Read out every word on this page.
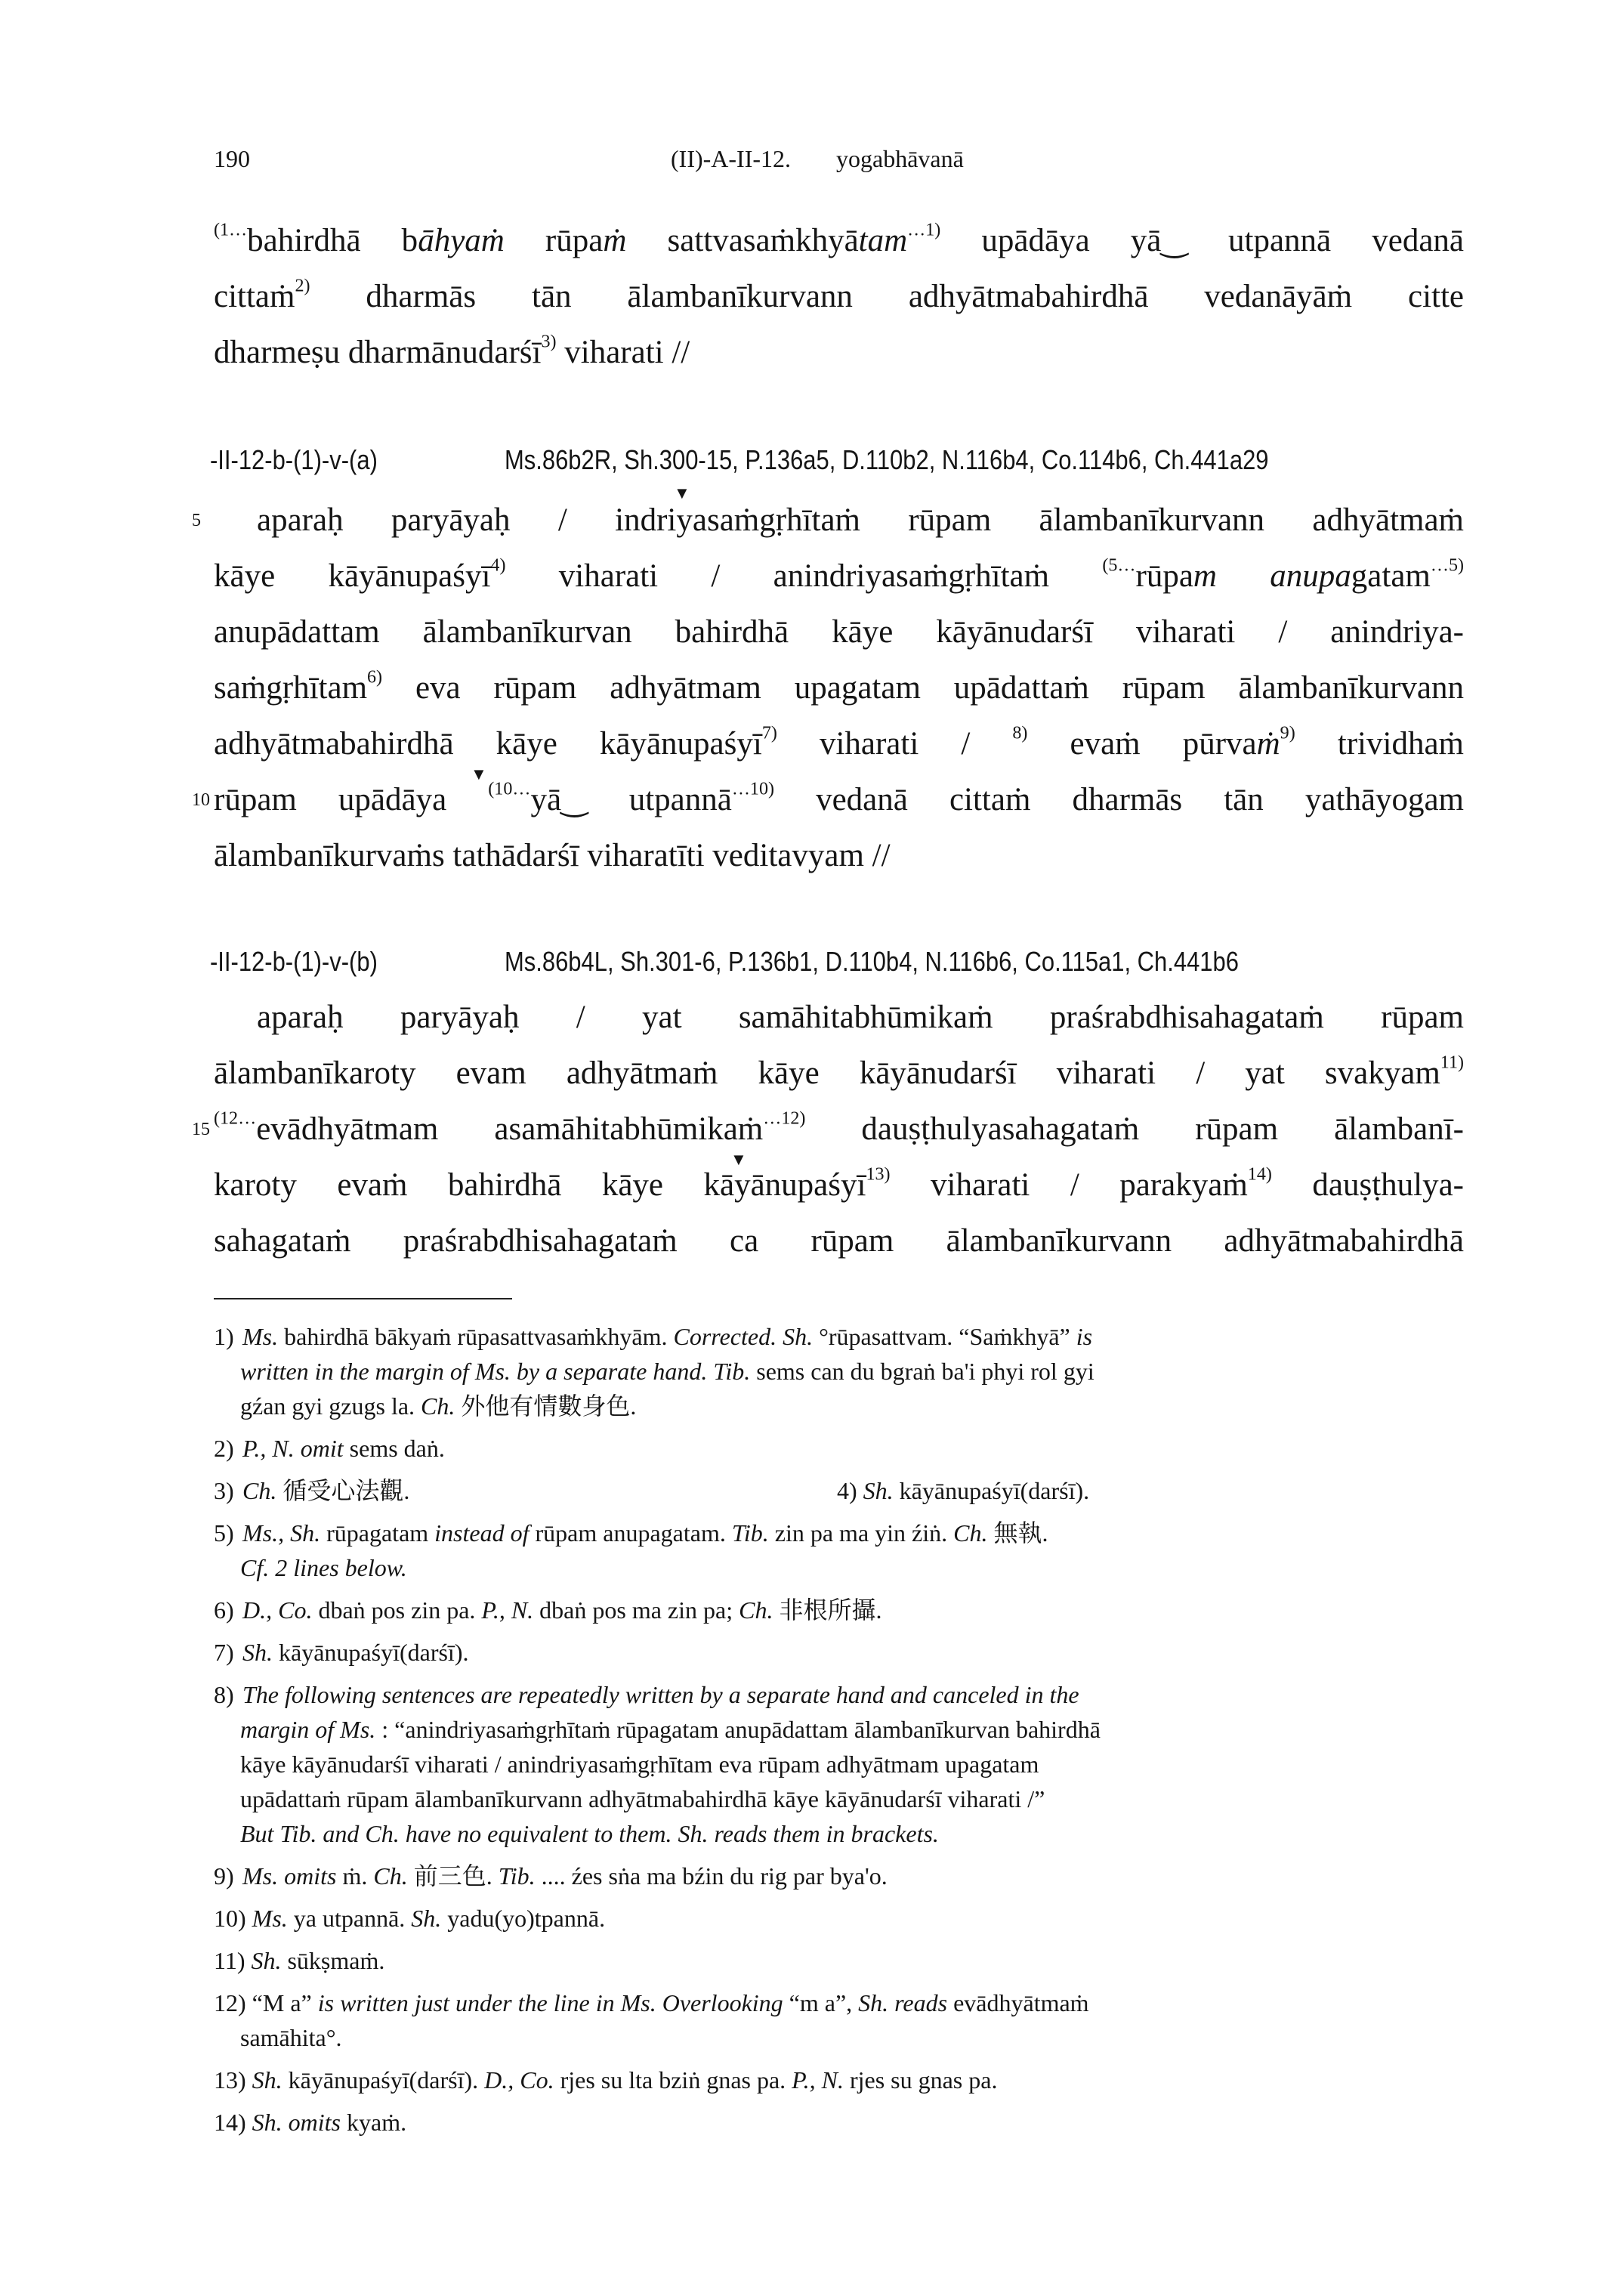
190	(II)-A-II-12. yogabhāvanā
$^{(1\dots}$bahirdhā bāhyaṁ rūpaṁ sattvasaṁkhyātam$^{\dots 1)}$ upādāya yā‿ utpannā vedanā
cittaṁ$^{2)}$ dharmās tān ālambanīkurvann adhyātmabahirdhā vedanāyāṁ citte
dharmeṣu dharmānudarśī$^{3)}$ viharati //
-II-12-b-(1)-v-(a)	Ms.86b2R, Sh.300-15, P.136a5, D.110b2, N.116b4, Co.114b6, Ch.441a29
5
▼
aparaḥ paryāyaḥ / indriyasaṁgṛhītaṁ rūpam ālambanīkurvann adhyātmaṁ
kāye kāyānupaśyī$^{4)}$ viharati / anindriyasaṁgṛhītaṁ $^{(5\dots}$rūpam anupagatam$^{\dots 5)}$
anupādattam ālambanīkurvan bahirdhā kāye kāyānudarśī viharati / anindriya-
saṁgṛhītam$^{6)}$ eva rūpam adhyātmam upagatam upādattaṁ rūpam ālambanīkurvann
adhyātmabahirdhā kāye kāyānupaśyī$^{7)}$ viharati / $^{8)}$ evaṁ pūrvaṁ$^{9)}$ trividhaṁ
10
▼
rūpam upādāya $^{(10\dots}$yā‿ utpannā$^{\dots 10)}$ vedanā cittaṁ dharmās tān yathāyogam
ālambanīkurvaṁs tathādarśī viharatīti veditavyam //
-II-12-b-(1)-v-(b)	Ms.86b4L, Sh.301-6, P.136b1, D.110b4, N.116b6, Co.115a1, Ch.441b6
aparaḥ paryāyaḥ / yat samāhitabhūmikaṁ praśrabdhisahagataṁ rūpam
ālambanīkaroty evam adhyātmaṁ kāye kāyānudarśī viharati / yat svakyam$^{11)}$
15
$^{(12\dots}$evādhyātmam asamāhitabhūmikaṁ$^{\dots 12)}$ dauṣṭhulyasahagataṁ rūpam ālambanī-
▼
karoty evaṁ bahirdhā kāye kāyānupaśyī$^{13)}$ viharati / parakyaṁ$^{14)}$ dauṣṭhulya-
sahagataṁ praśrabdhisahagataṁ ca rūpam ālambanīkurvann adhyātmabahirdhā
1) Ms. bahirdhā bākyaṁ rūpasattvasaṁkhyām. Corrected. Sh. °rūpasattvam. “Saṁkhyā” is
written in the margin of Ms. by a separate hand. Tib. sems can du bgraṅ ba'i phyi rol gyi
gźan gyi gzugs la. Ch. 外他有情數身色.
2) P., N. omit sems daṅ.
3) Ch. 循受心法觀.	4) Sh. kāyānupaśyī(darśī).
5) Ms., Sh. rūpagatam instead of rūpam anupagatam. Tib. zin pa ma yin źiṅ. Ch. 無執.
Cf. 2 lines below.
6) D., Co. dbaṅ pos zin pa. P., N. dbaṅ pos ma zin pa; Ch. 非根所攝.
7) Sh. kāyānupaśyī(darśī).
8) The following sentences are repeatedly written by a separate hand and canceled in the
margin of Ms. : “anindriyasaṁgṛhītaṁ rūpagatam anupādattam ālambanīkurvan bahirdhā
kāye kāyānudarśī viharati / anindriyasaṁgṛhītam eva rūpam adhyātmam upagatam
upādattaṁ rūpam ālambanīkurvann adhyātmabahirdhā kāye kāyānudarśī viharati /”
But Tib. and Ch. have no equivalent to them. Sh. reads them in brackets.
9) Ms. omits ṁ. Ch. 前三色. Tib. .... źes sṅa ma bźin du rig par bya'o.
10) Ms. ya utpannā. Sh. yadu(yo)tpannā.
11) Sh. sūkṣmaṁ.
12) “M a” is written just under the line in Ms. Overlooking “m a”, Sh. reads evādhyātmaṁ
samāhita°.
13) Sh. kāyānupaśyī(darśī). D., Co. rjes su lta bziṅ gnas pa. P., N. rjes su gnas pa.
14) Sh. omits kyaṁ.
